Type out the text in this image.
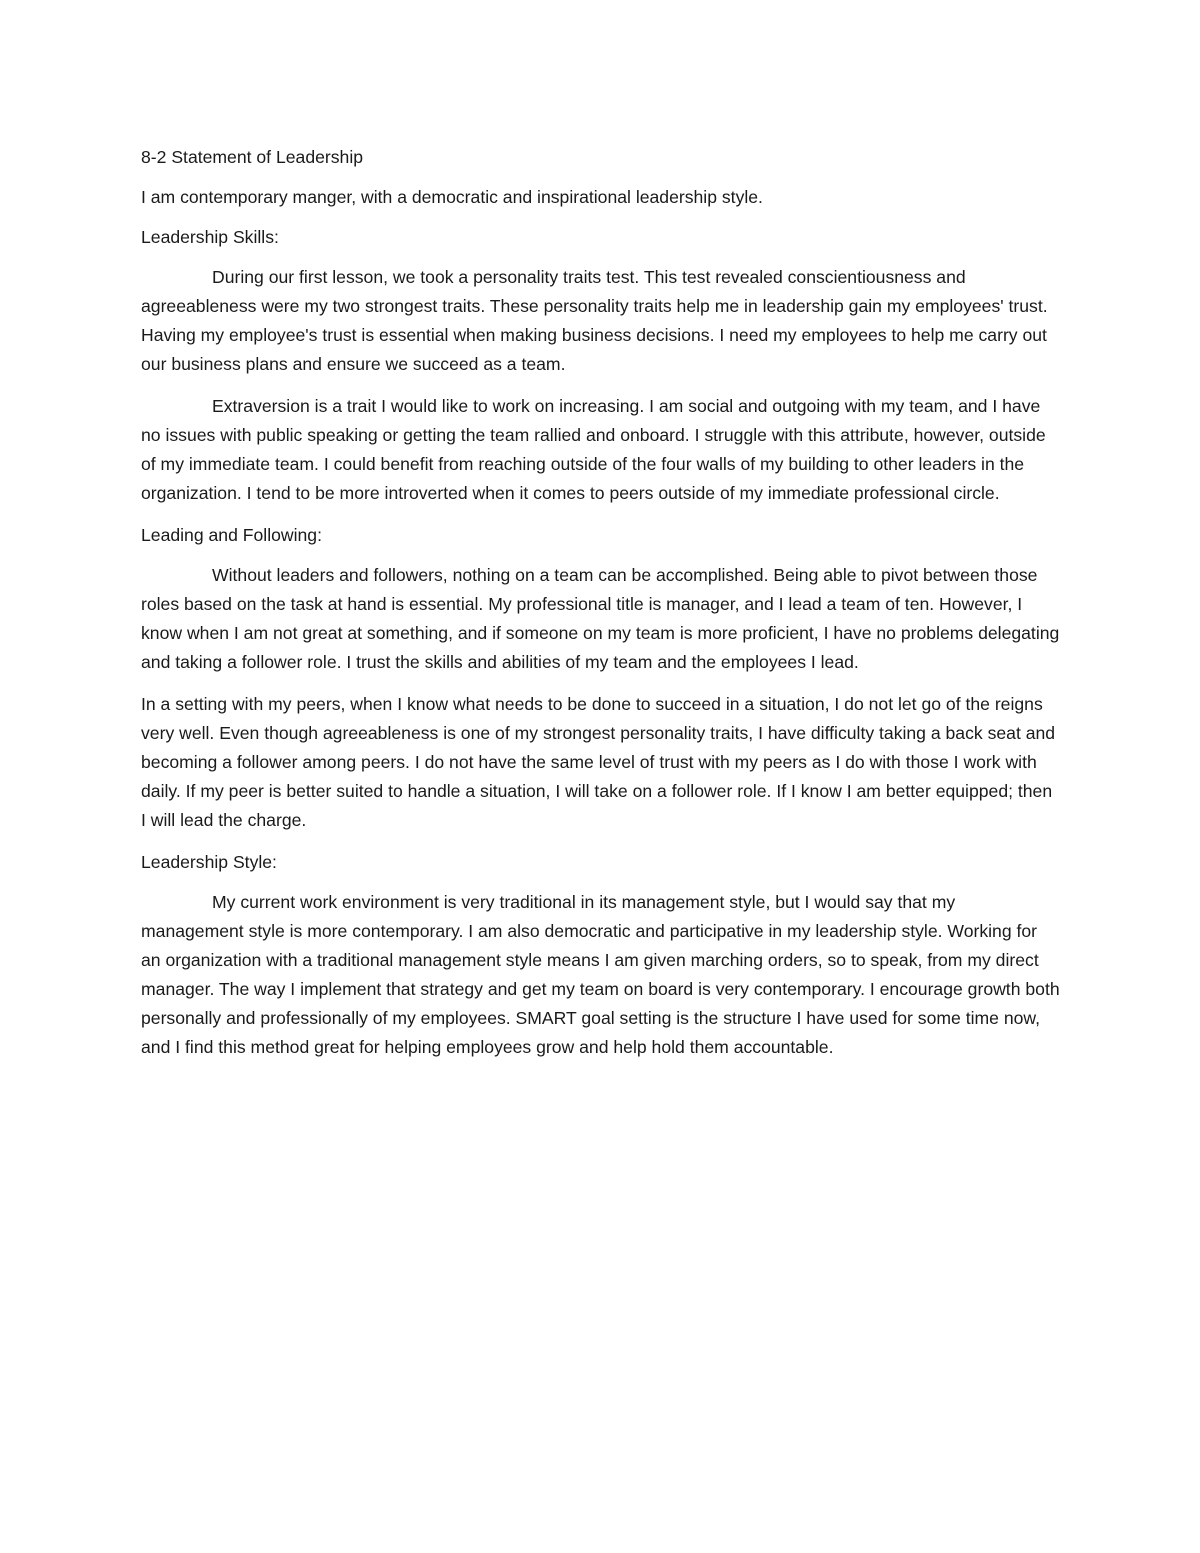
8-2 Statement of Leadership

I am contemporary manger, with a democratic and inspirational leadership style.

Leadership Skills:

During our first lesson, we took a personality traits test. This test revealed conscientiousness and agreeableness were my two strongest traits. These personality traits help me in leadership gain my employees' trust. Having my employee's trust is essential when making business decisions. I need my employees to help me carry out our business plans and ensure we succeed as a team.

Extraversion is a trait I would like to work on increasing. I am social and outgoing with my team, and I have no issues with public speaking or getting the team rallied and onboard. I struggle with this attribute, however, outside of my immediate team. I could benefit from reaching outside of the four walls of my building to other leaders in the organization. I tend to be more introverted when it comes to peers outside of my immediate professional circle.

Leading and Following:

Without leaders and followers, nothing on a team can be accomplished. Being able to pivot between those roles based on the task at hand is essential. My professional title is manager, and I lead a team of ten. However, I know when I am not great at something, and if someone on my team is more proficient, I have no problems delegating and taking a follower role. I trust the skills and abilities of my team and the employees I lead.

In a setting with my peers, when I know what needs to be done to succeed in a situation, I do not let go of the reigns very well. Even though agreeableness is one of my strongest personality traits, I have difficulty taking a back seat and becoming a follower among peers. I do not have the same level of trust with my peers as I do with those I work with daily. If my peer is better suited to handle a situation, I will take on a follower role. If I know I am better equipped; then I will lead the charge.

Leadership Style:

My current work environment is very traditional in its management style, but I would say that my management style is more contemporary. I am also democratic and participative in my leadership style. Working for an organization with a traditional management style means I am given marching orders, so to speak, from my direct manager. The way I implement that strategy and get my team on board is very contemporary. I encourage growth both personally and professionally of my employees. SMART goal setting is the structure I have used for some time now, and I find this method great for helping employees grow and help hold them accountable.
